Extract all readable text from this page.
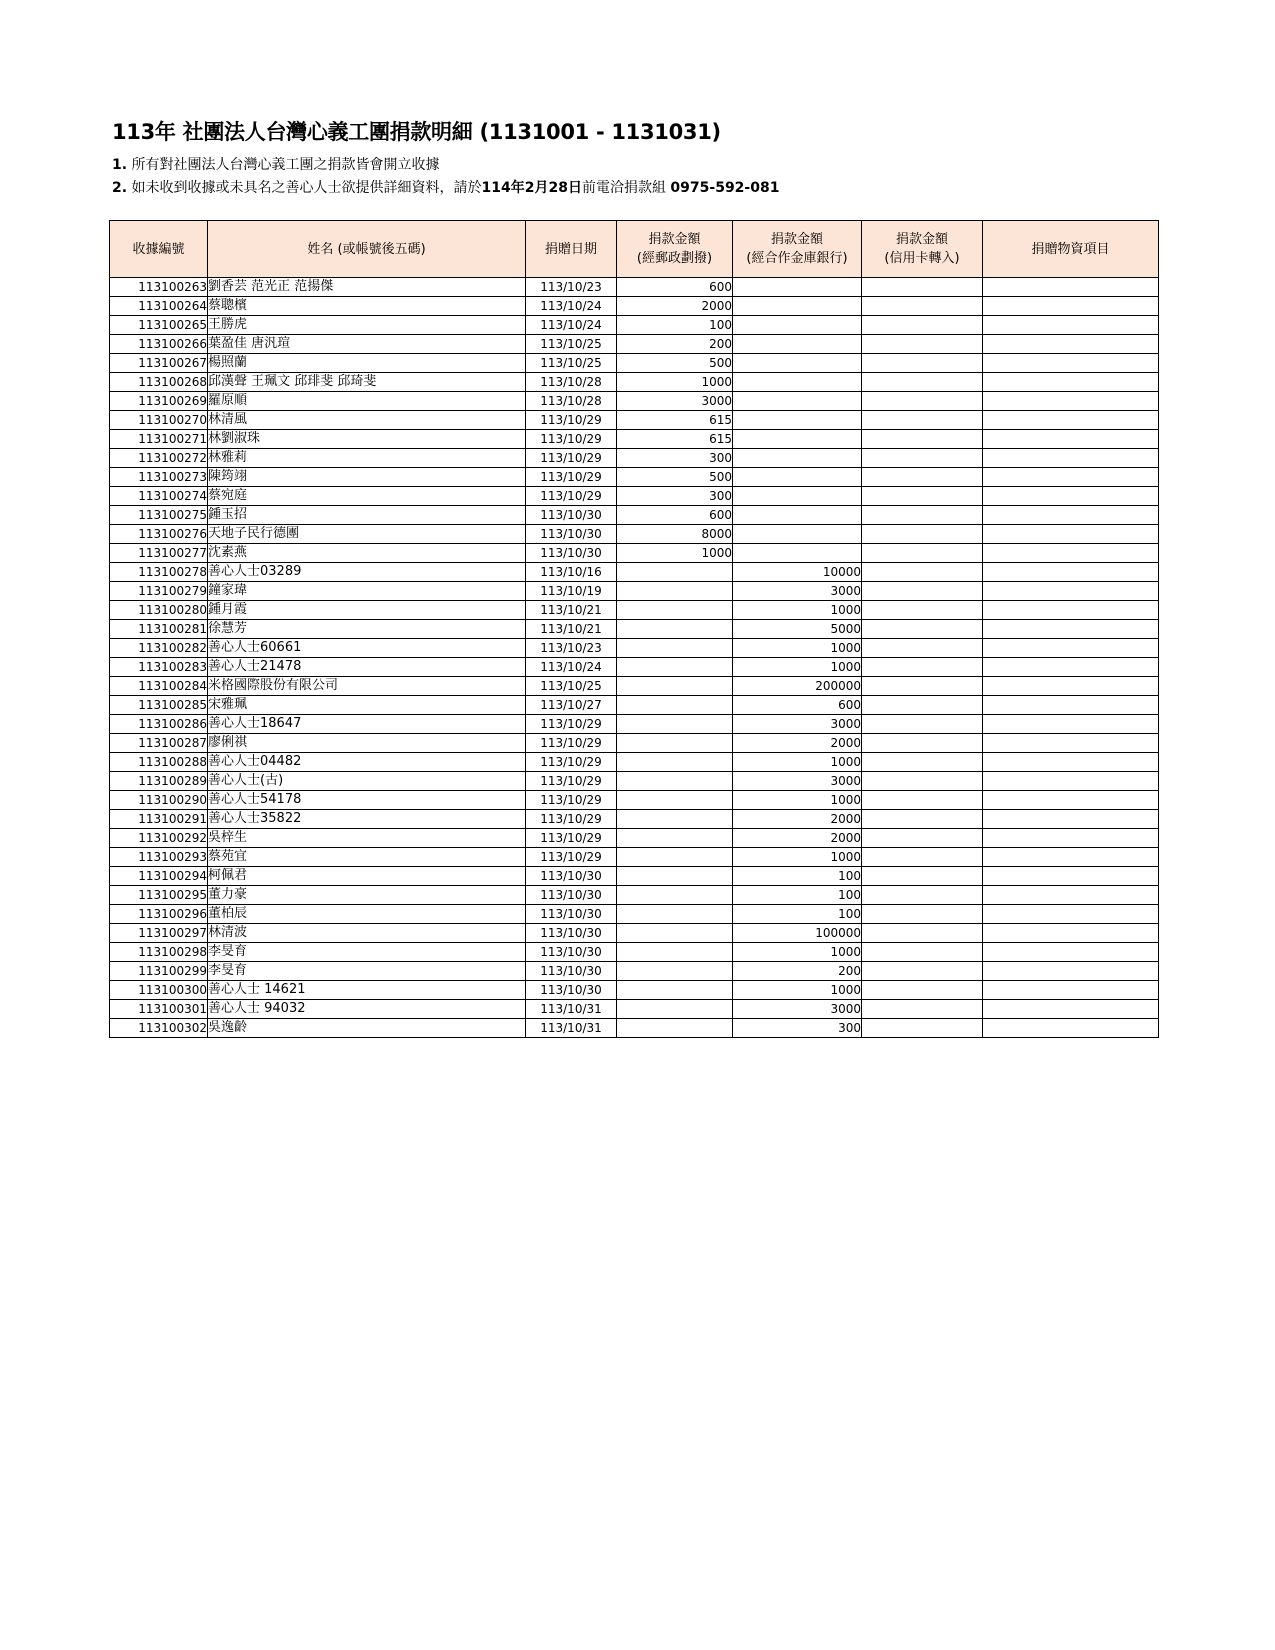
113年 社團法人台灣心義工團捐款明細 (1131001 - 1131031)
1. 所有對社團法人台灣心義工團之捐款皆會開立收據
2. 如未收到收據或未具名之善心人士欲提供詳細資料，請於114年2月28日前電洽捐款組 0975-592-081
收據編號	姓名 (或帳號後五碼)	捐贈日期	捐款金額
(經郵政劃撥)	捐款金額
(經合作金庫銀行)	捐款金額
(信用卡轉入)	捐贈物資項目
113100263	劉香芸 范光正 范揚傑	113/10/23	600			
113100264	蔡聰檳	113/10/24	2000			
113100265	王勝虎	113/10/24	100			
113100266	葉盈佳 唐汎瑄	113/10/25	200			
113100267	楊照蘭	113/10/25	500			
113100268	邱漢聲 王珮文 邱琲斐 邱琦斐	113/10/28	1000			
113100269	羅原順	113/10/28	3000			
113100270	林清風	113/10/29	615			
113100271	林劉淑珠	113/10/29	615			
113100272	林雅莉	113/10/29	300			
113100273	陳筠翊	113/10/29	500			
113100274	蔡宛庭	113/10/29	300			
113100275	鍾玉招	113/10/30	600			
113100276	天地子民行德團	113/10/30	8000			
113100277	沈素燕	113/10/30	1000			
113100278	善心人士03289	113/10/16		10000		
113100279	鐘家瑋	113/10/19		3000		
113100280	鍾月霞	113/10/21		1000		
113100281	徐慧芳	113/10/21		5000		
113100282	善心人士60661	113/10/23		1000		
113100283	善心人士21478	113/10/24		1000		
113100284	米格國際股份有限公司	113/10/25		200000		
113100285	宋雅珮	113/10/27		600		
113100286	善心人士18647	113/10/29		3000		
113100287	廖俐祺	113/10/29		2000		
113100288	善心人士04482	113/10/29		1000		
113100289	善心人士(古)	113/10/29		3000		
113100290	善心人士54178	113/10/29		1000		
113100291	善心人士35822	113/10/29		2000		
113100292	吳梓生	113/10/29		2000		
113100293	蔡苑宜	113/10/29		1000		
113100294	柯佩君	113/10/30		100		
113100295	董力豪	113/10/30		100		
113100296	董柏辰	113/10/30		100		
113100297	林清波	113/10/30		100000		
113100298	李旻育	113/10/30		1000		
113100299	李旻育	113/10/30		200		
113100300	善心人士 14621	113/10/30		1000		
113100301	善心人士 94032	113/10/31		3000		
113100302	吳逸齡	113/10/31		300		
